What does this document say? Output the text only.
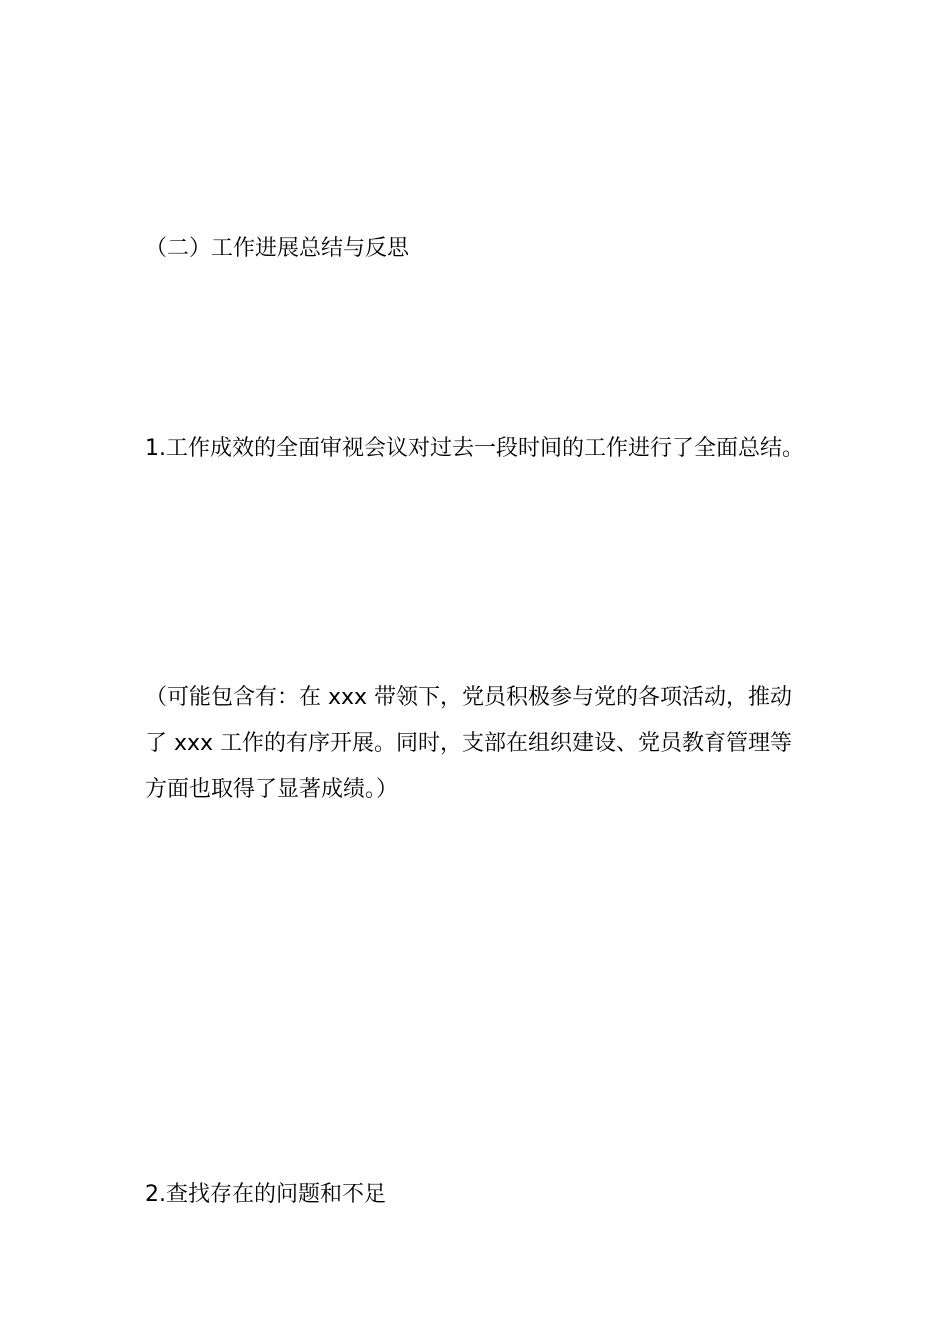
（二）工作进展总结与反思

1.工作成效的全面审视会议对过去一段时间的工作进行了全面总结。

（可能包含有：在 xxx 带领下，党员积极参与党的各项活动，推动了 xxx 工作的有序开展。同时，支部在组织建设、党员教育管理等方面也取得了显著成绩。）

2.查找存在的问题和不足
